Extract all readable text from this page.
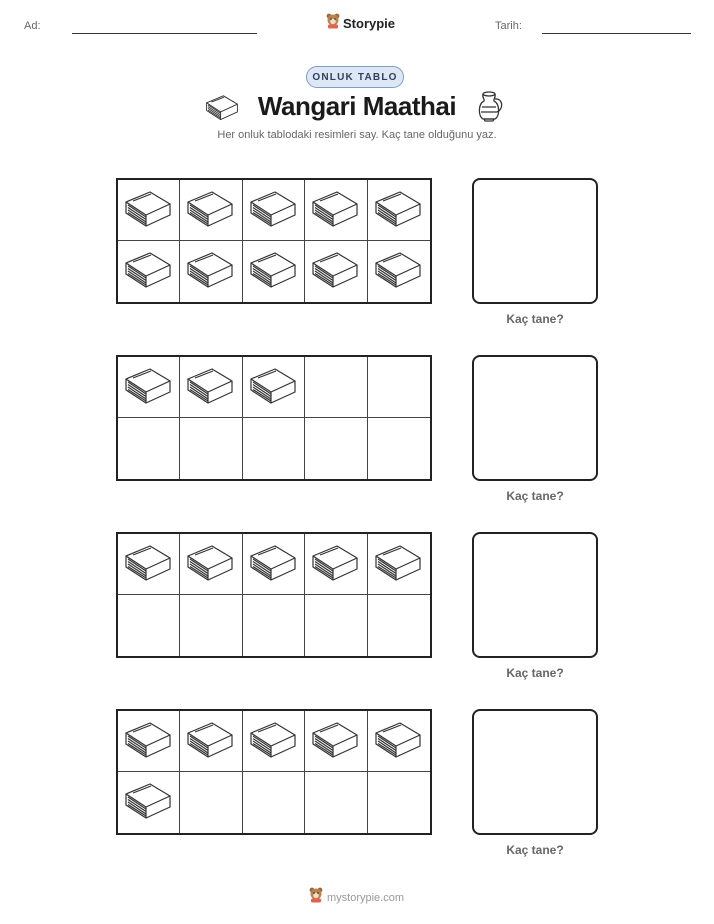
Ad:	Storypie	Tarih:
ONLUK TABLO
Wangari Maathai
Her onluk tablodaki resimleri say. Kaç tane olduğunu yaz.
Kaç tane?
Kaç tane?
Kaç tane?
Kaç tane?
mystorypie.com
